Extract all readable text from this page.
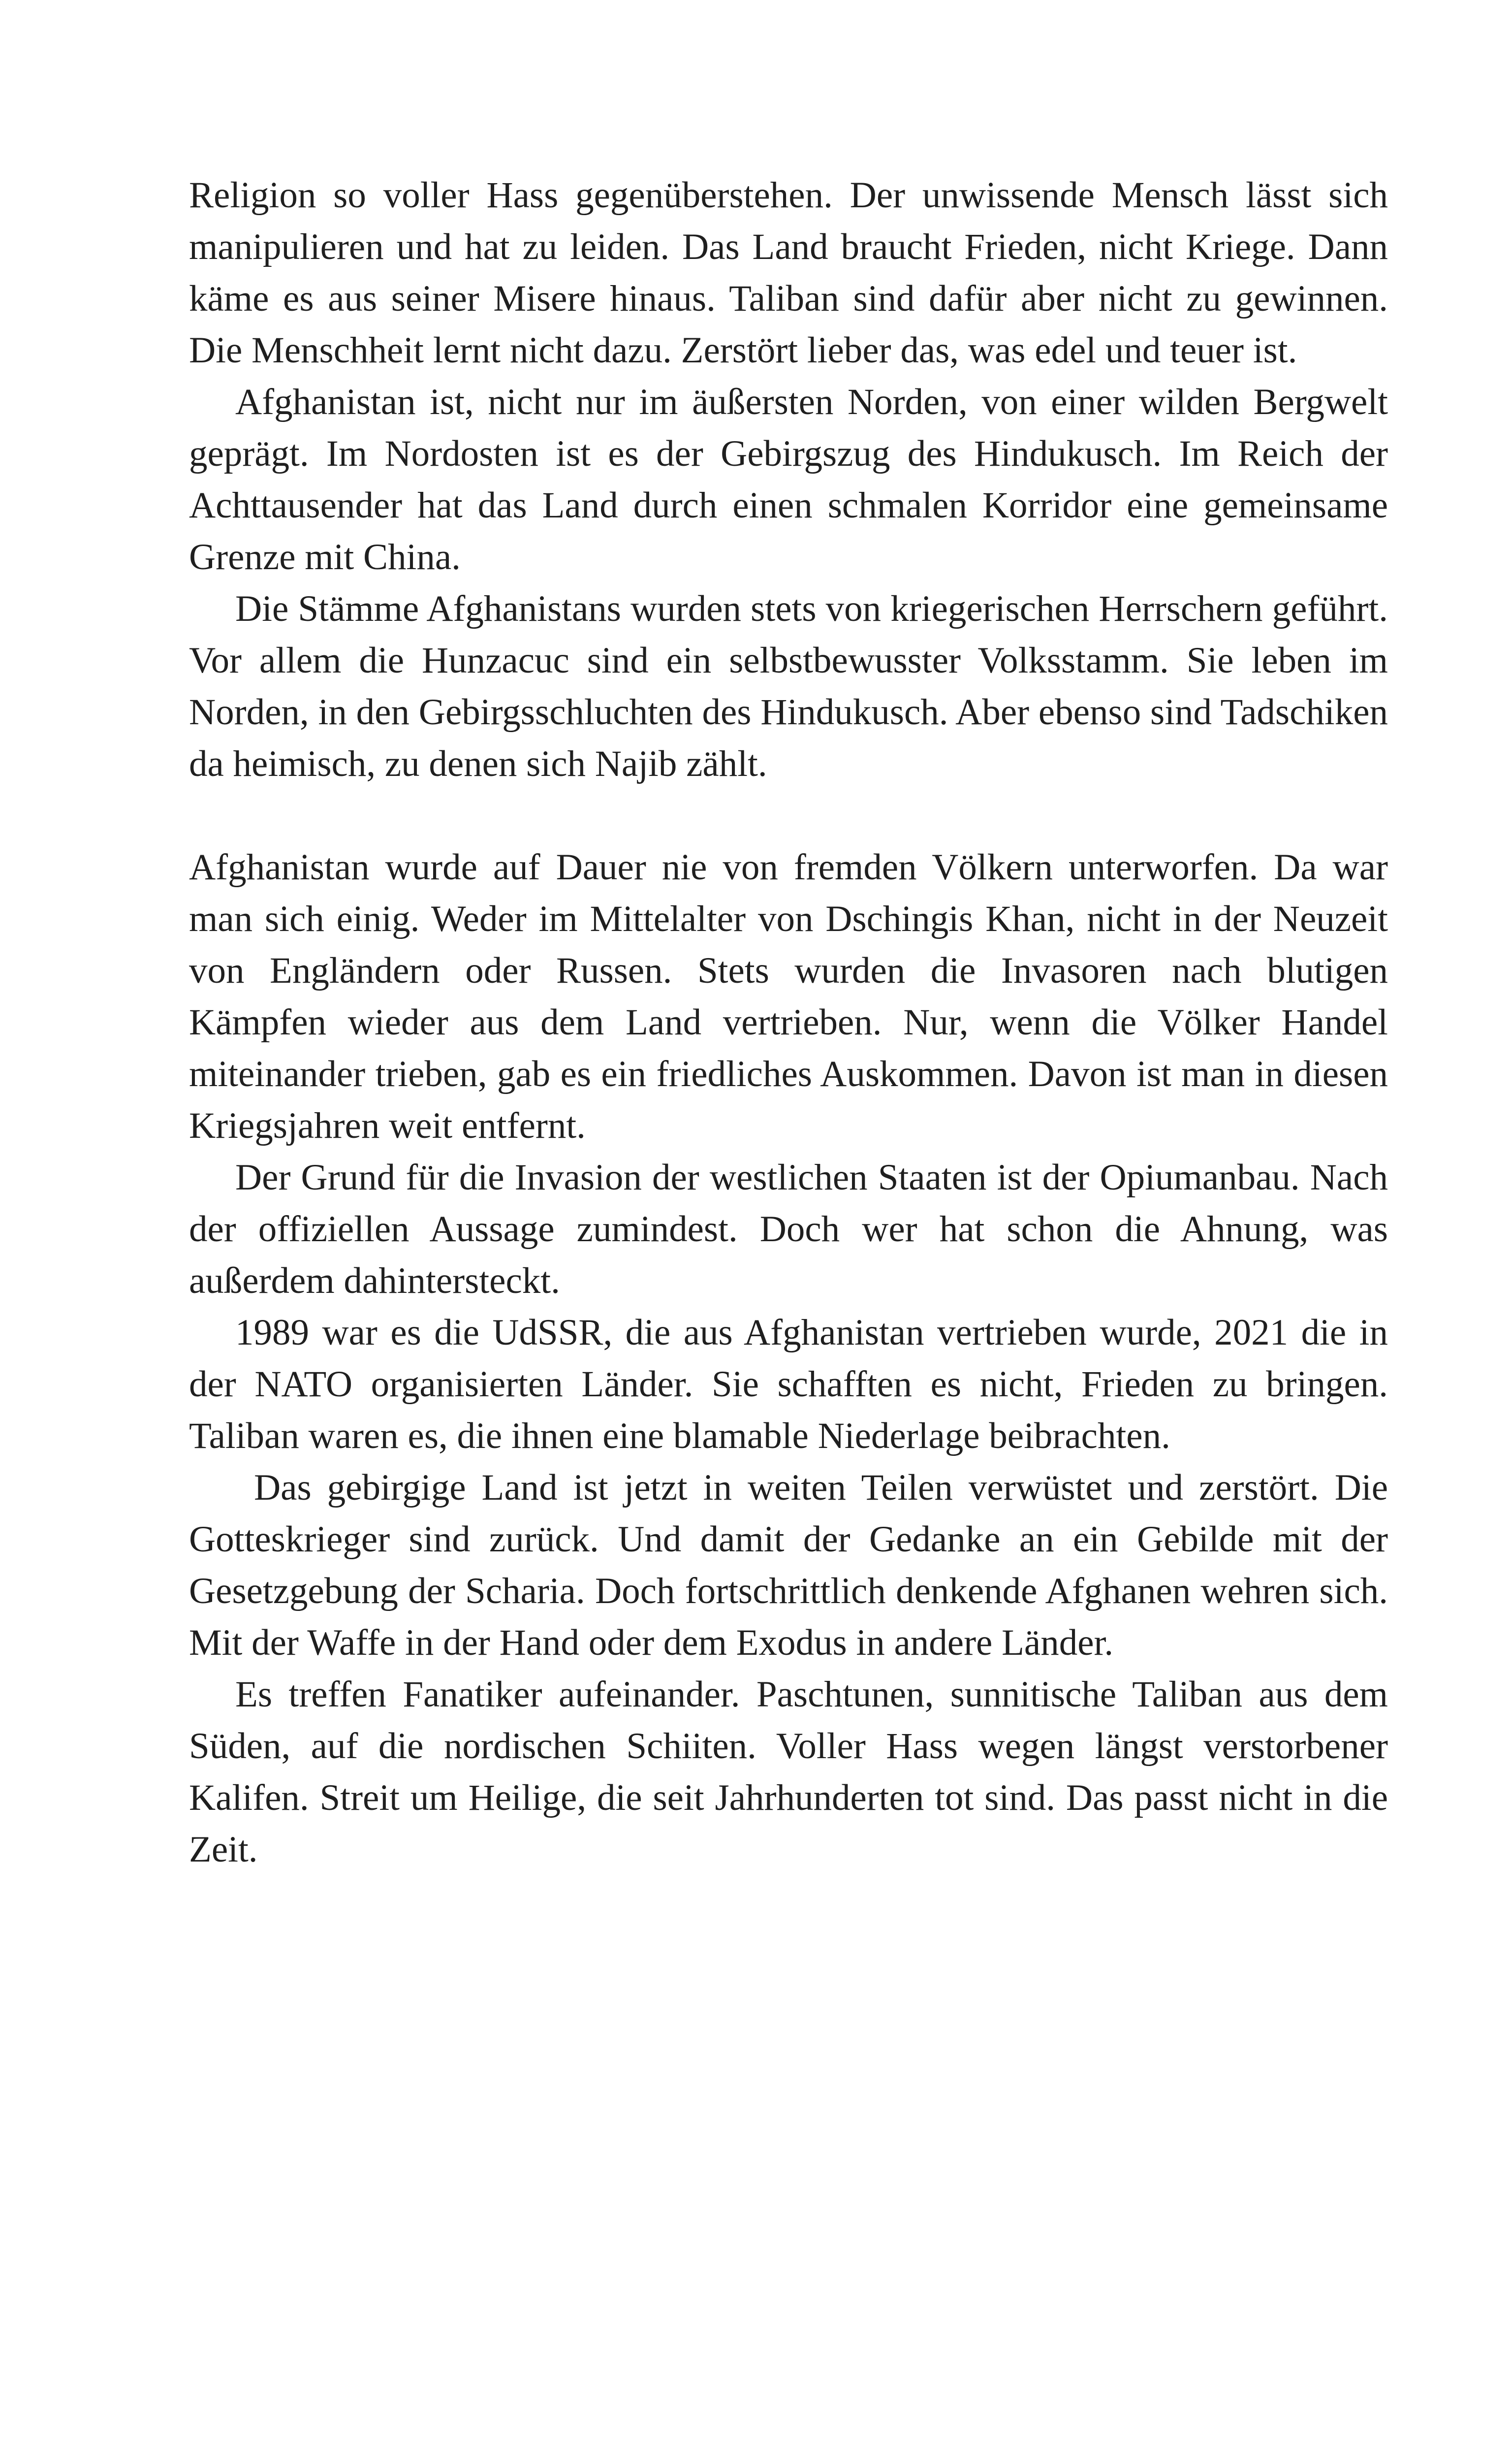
Religion so voller Hass gegenüberstehen. Der unwissende Mensch lässt sich manipulieren und hat zu leiden. Das Land braucht Frieden, nicht Kriege. Dann käme es aus seiner Misere hinaus. Taliban sind dafür aber nicht zu gewinnen. Die Menschheit lernt nicht dazu. Zerstört lieber das, was edel und teuer ist.

Afghanistan ist, nicht nur im äußersten Norden, von einer wilden Bergwelt geprägt. Im Nordosten ist es der Gebirgszug des Hindukusch. Im Reich der Achttausender hat das Land durch einen schmalen Korridor eine gemeinsame Grenze mit China.

Die Stämme Afghanistans wurden stets von kriegerischen Herrschern geführt. Vor allem die Hunzacuc sind ein selbstbewusster Volksstamm. Sie leben im Norden, in den Gebirgsschluchten des Hindukusch. Aber ebenso sind Tadschiken da heimisch, zu denen sich Najib zählt.

Afghanistan wurde auf Dauer nie von fremden Völkern unterworfen. Da war man sich einig. Weder im Mittelalter von Dschingis Khan, nicht in der Neuzeit von Engländern oder Russen. Stets wurden die Invasoren nach blutigen Kämpfen wieder aus dem Land vertrieben. Nur, wenn die Völker Handel miteinander trieben, gab es ein friedliches Auskommen. Davon ist man in diesen Kriegsjahren weit entfernt.

Der Grund für die Invasion der westlichen Staaten ist der Opiumanbau. Nach der offiziellen Aussage zumindest. Doch wer hat schon die Ahnung, was außerdem dahintersteckt.

1989 war es die UdSSR, die aus Afghanistan vertrieben wurde, 2021 die in der NATO organisierten Länder. Sie schafften es nicht, Frieden zu bringen. Taliban waren es, die ihnen eine blamable Niederlage beibrachten.

Das gebirgige Land ist jetzt in weiten Teilen verwüstet und zerstört. Die Gotteskrieger sind zurück. Und damit der Gedanke an ein Gebilde mit der Gesetzgebung der Scharia. Doch fortschrittlich denkende Afghanen wehren sich. Mit der Waffe in der Hand oder dem Exodus in andere Länder.

Es treffen Fanatiker aufeinander. Paschtunen, sunnitische Taliban aus dem Süden, auf die nordischen Schiiten. Voller Hass wegen längst verstorbener Kalifen. Streit um Heilige, die seit Jahrhunderten tot sind. Das passt nicht in die Zeit.
